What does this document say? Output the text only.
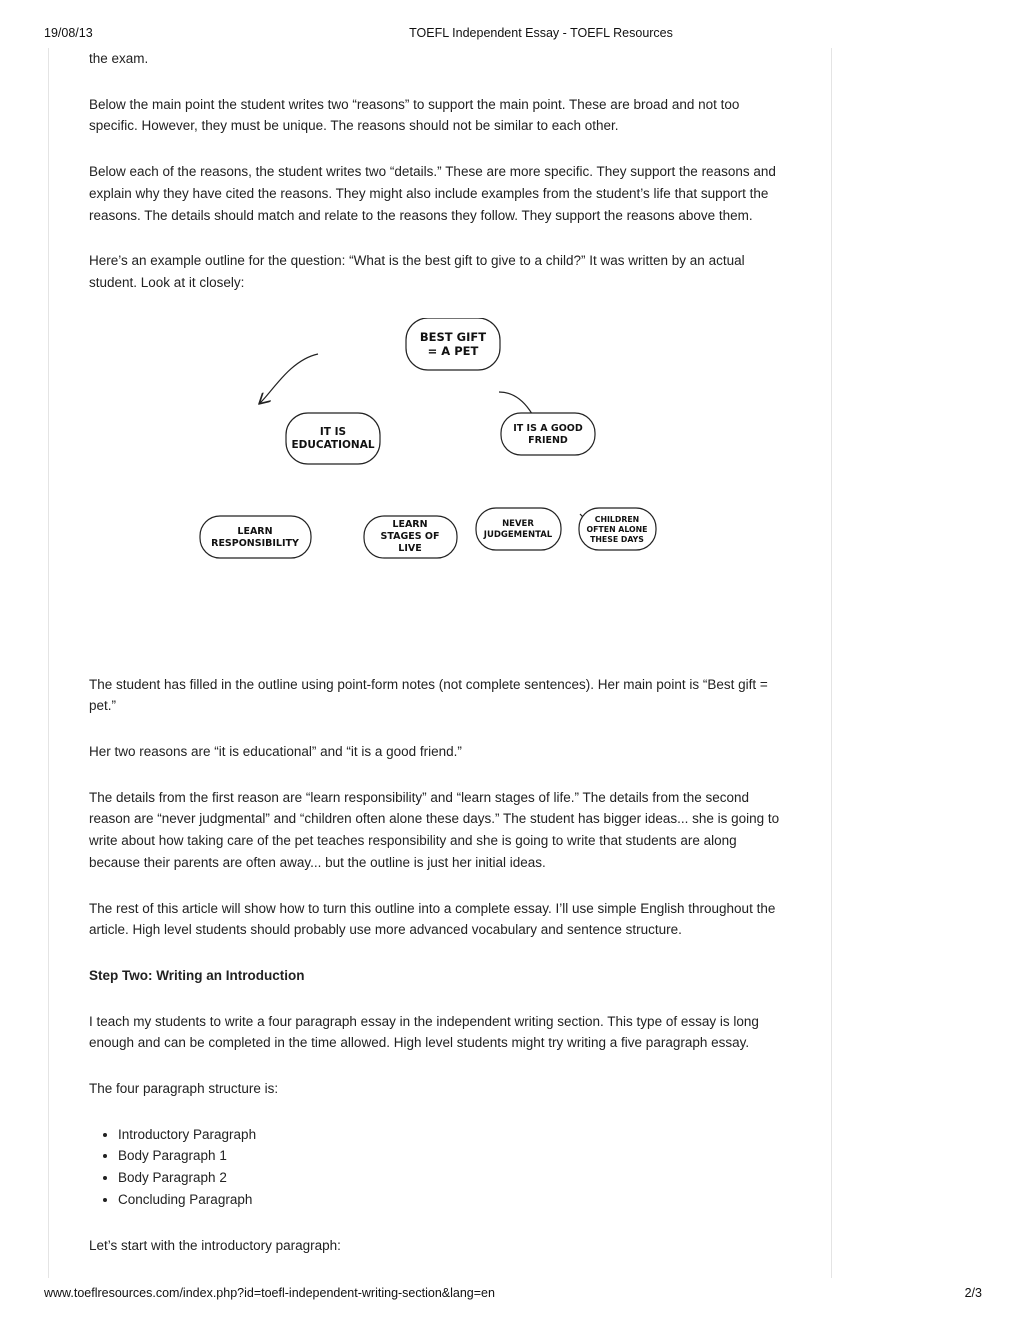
19/08/13	TOEFL Independent Essay - TOEFL Resources

the exam.

Below the main point the student writes two “reasons” to support the main point. These are broad and not too specific. However, they must be unique. The reasons should not be similar to each other.

Below each of the reasons, the student writes two “details.” These are more specific. They support the reasons and explain why they have cited the reasons. They might also include examples from the student’s life that support the reasons. The details should match and relate to the reasons they follow. They support the reasons above them.

Here’s an example outline for the question: “What is the best gift to give to a child?” It was written by an actual student. Look at it closely:

BEST GIFT
= A PET
IT IS
EDUCATIONAL
IT IS A GOOD
FRIEND
LEARN
RESPONSIBILITY
LEARN
STAGES OF
LIVE
NEVER
JUDGEMENTAL
CHILDREN
OFTEN ALONE
THESE DAYS

The student has filled in the outline using point-form notes (not complete sentences). Her main point is “Best gift = pet.”

Her two reasons are “it is educational” and “it is a good friend.”

The details from the first reason are “learn responsibility” and “learn stages of life.” The details from the second reason are “never judgmental” and “children often alone these days.” The student has bigger ideas... she is going to write about how taking care of the pet teaches responsibility and she is going to write that students are along because their parents are often away... but the outline is just her initial ideas.

The rest of this article will show how to turn this outline into a complete essay. I’ll use simple English throughout the article. High level students should probably use more advanced vocabulary and sentence structure.

Step Two: Writing an Introduction

I teach my students to write a four paragraph essay in the independent writing section. This type of essay is long enough and can be completed in the time allowed. High level students might try writing a five paragraph essay.

The four paragraph structure is:

• Introductory Paragraph
• Body Paragraph 1
• Body Paragraph 2
• Concluding Paragraph

Let’s start with the introductory paragraph:

www.toeflresources.com/index.php?id=toefl-independent-writing-section&lang=en	2/3
